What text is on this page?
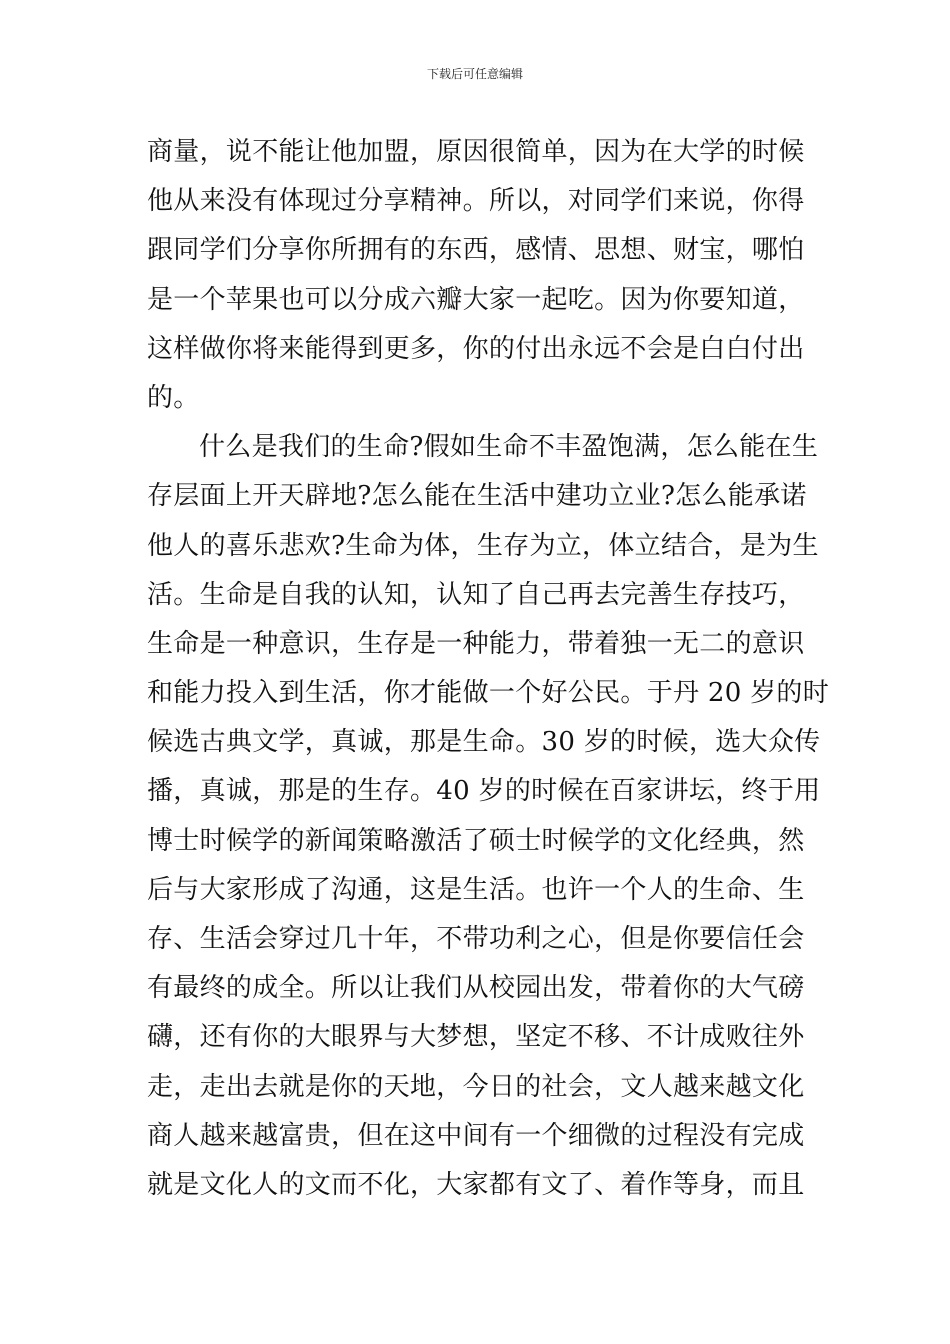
下载后可任意编辑
商量，说不能让他加盟，原因很简单，因为在大学的时候
他从来没有体现过分享精神。所以，对同学们来说，你得
跟同学们分享你所拥有的东西，感情、思想、财宝，哪怕
是一个苹果也可以分成六瓣大家一起吃。因为你要知道，
这样做你将来能得到更多，你的付出永远不会是白白付出
的。
什么是我们的生命?假如生命不丰盈饱满，怎么能在生
存层面上开天辟地?怎么能在生活中建功立业?怎么能承诺
他人的喜乐悲欢?生命为体，生存为立，体立结合，是为生
活。生命是自我的认知，认知了自己再去完善生存技巧，
生命是一种意识，生存是一种能力，带着独一无二的意识
和能力投入到生活，你才能做一个好公民。于丹 20 岁的时
候选古典文学，真诚，那是生命。30 岁的时候，选大众传
播，真诚，那是的生存。40 岁的时候在百家讲坛，终于用
博士时候学的新闻策略激活了硕士时候学的文化经典，然
后与大家形成了沟通，这是生活。也许一个人的生命、生
存、生活会穿过几十年，不带功利之心，但是你要信任会
有最终的成全。所以让我们从校园出发，带着你的大气磅
礴，还有你的大眼界与大梦想，坚定不移、不计成败往外
走，走出去就是你的天地，今日的社会，文人越来越文化
商人越来越富贵，但在这中间有一个细微的过程没有完成
就是文化人的文而不化，大家都有文了、着作等身，而且
